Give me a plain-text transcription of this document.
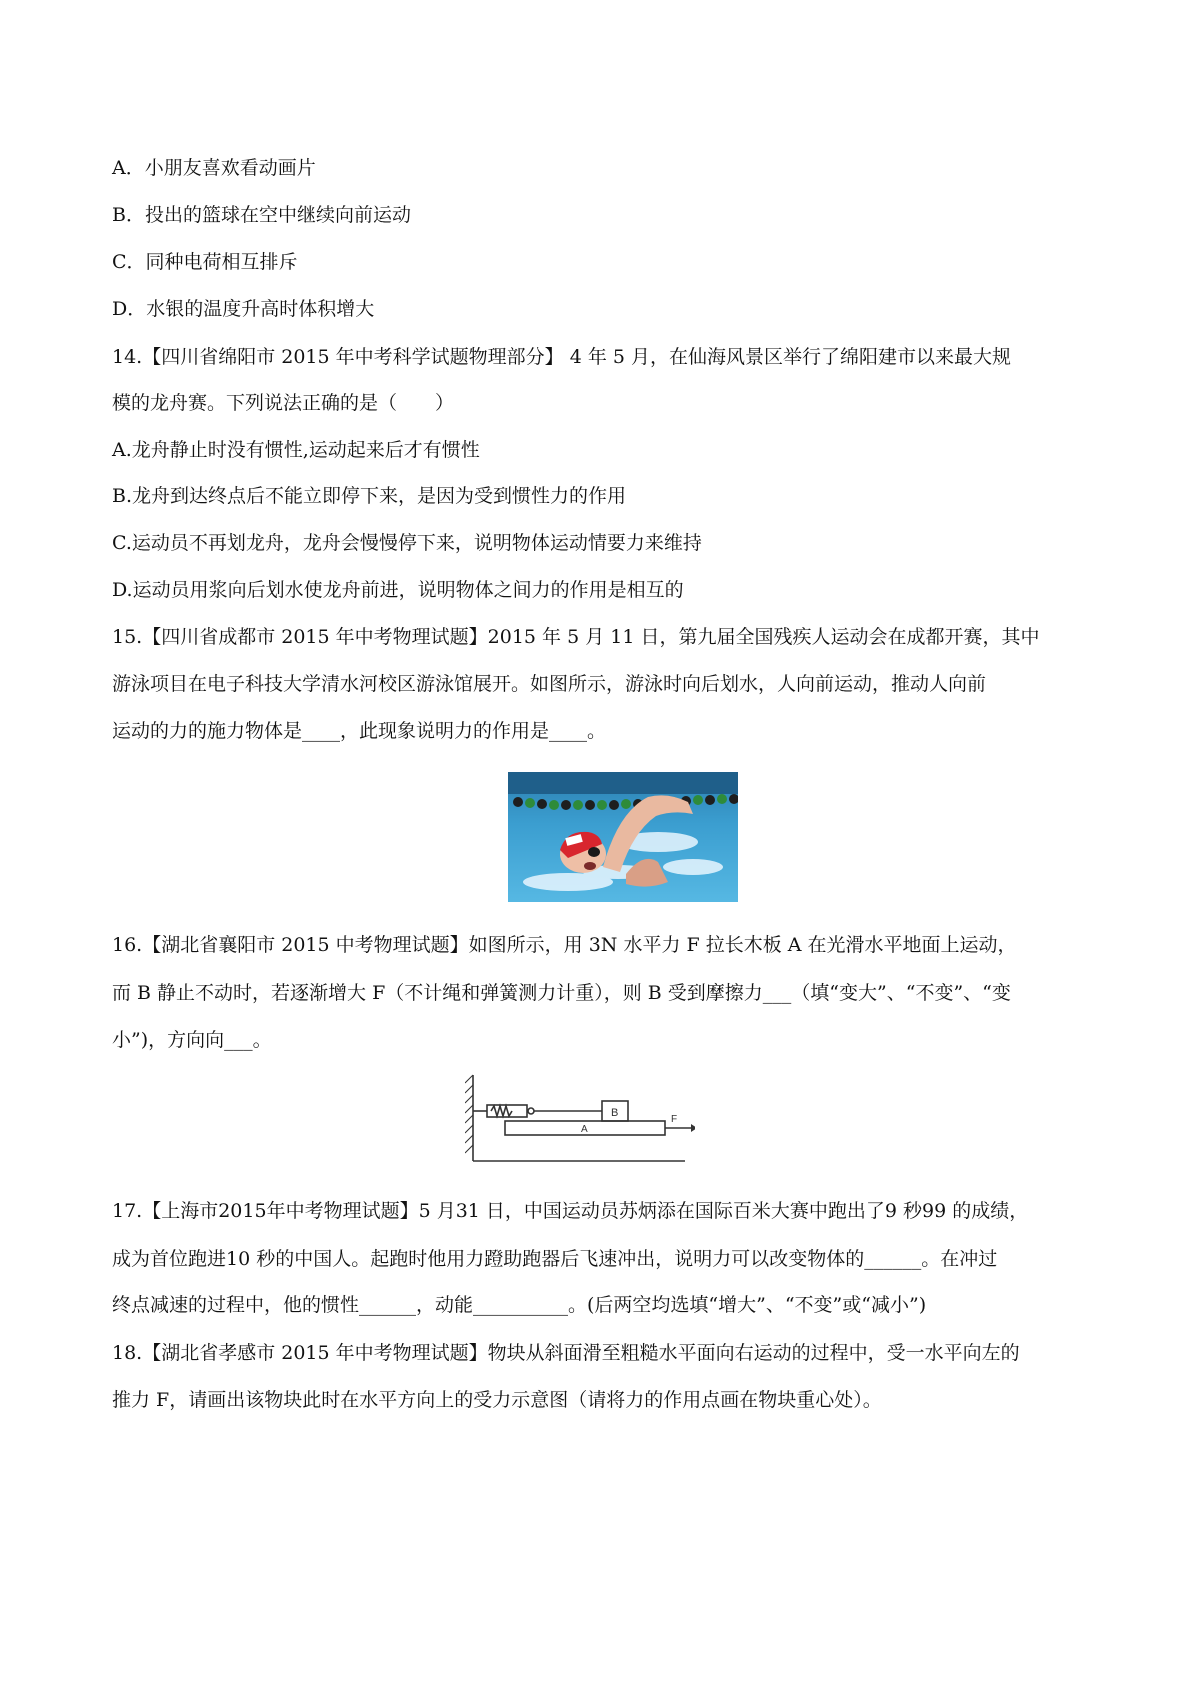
A．小朋友喜欢看动画片
B．投出的篮球在空中继续向前运动
C．同种电荷相互排斥
D．水银的温度升高时体积增大
14.【四川省绵阳市 2015 年中考科学试题物理部分】 4 年 5 月，在仙海风景区举行了绵阳建市以来最大规
模的龙舟赛。下列说法正确的是（　　）
A.龙舟静止时没有惯性,运动起来后才有惯性
B.龙舟到达终点后不能立即停下来，是因为受到惯性力的作用
C.运动员不再划龙舟，龙舟会慢慢停下来，说明物体运动情要力来维持
D.运动员用浆向后划水使龙舟前进，说明物体之间力的作用是相互的
15.【四川省成都市 2015 年中考物理试题】2015 年 5 月 11 日，第九届全国残疾人运动会在成都开赛，其中
游泳项目在电子科技大学清水河校区游泳馆展开。如图所示，游泳时向后划水，人向前运动，推动人向前
运动的力的施力物体是____，此现象说明力的作用是____。
16.【湖北省襄阳市 2015 中考物理试题】如图所示，用 3N 水平力 F 拉长木板 A 在光滑水平地面上运动，
而 B 静止不动时，若逐渐增大 F（不计绳和弹簧测力计重），则 B 受到摩擦力___（填“变大”、“不变”、“变
小”)，方向向___。
B
A
F
17.【上海市2015年中考物理试题】5 月31 日，中国运动员苏炳添在国际百米大赛中跑出了9 秒99 的成绩，
成为首位跑进10 秒的中国人。起跑时他用力蹬助跑器后飞速冲出，说明力可以改变物体的______。在冲过
终点减速的过程中，他的惯性______，动能__________。(后两空均选填“增大”、“不变”或“减小”)
18.【湖北省孝感市 2015 年中考物理试题】物块从斜面滑至粗糙水平面向右运动的过程中，受一水平向左的
推力 F，请画出该物块此时在水平方向上的受力示意图（请将力的作用点画在物块重心处）。
